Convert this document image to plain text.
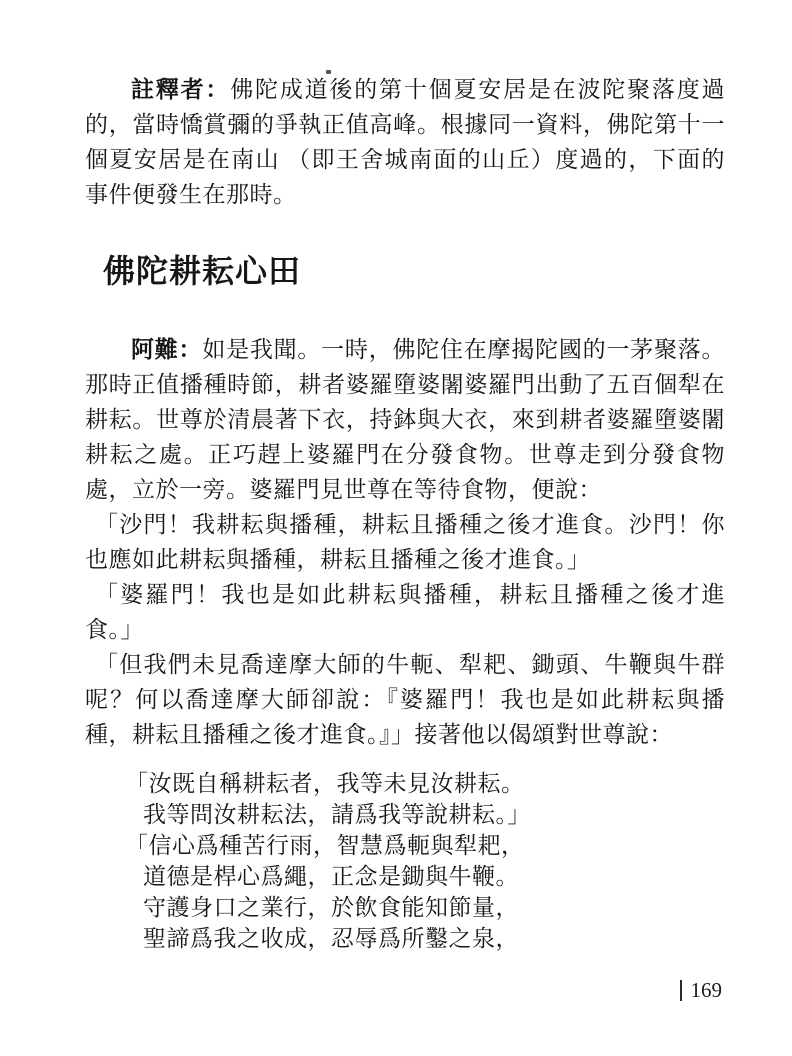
註釋者：佛陀成道後的第十個夏安居是在波陀聚落度過的，當時憍賞彌的爭執正值高峰。根據同一資料，佛陀第十一個夏安居是在南山 （即王舍城南面的山丘）度過的，下面的事件便發生在那時。

佛陀耕耘心田

阿難：如是我聞。一時，佛陀住在摩揭陀國的一茅聚落。那時正值播種時節，耕者婆羅墮婆闍婆羅門出動了五百個犁在耕耘。世尊於清晨著下衣，持鉢與大衣，來到耕者婆羅墮婆闍耕耘之處。正巧趕上婆羅門在分發食物。世尊走到分發食物處，立於一旁。婆羅門見世尊在等待食物，便說：

「沙門！我耕耘與播種，耕耘且播種之後才進食。沙門！你也應如此耕耘與播種，耕耘且播種之後才進食。」

「婆羅門！我也是如此耕耘與播種，耕耘且播種之後才進食。」

「但我們未見喬達摩大師的牛軛、犁耙、鋤頭、牛鞭與牛群呢？何以喬達摩大師卻說：『婆羅門！我也是如此耕耘與播種，耕耘且播種之後才進食。』」接著他以偈頌對世尊說：

「汝既自稱耕耘者，我等未見汝耕耘。
我等問汝耕耘法，請爲我等說耕耘。」
「信心爲種苦行雨，智慧爲軛與犁耙，
道德是桿心爲繩，正念是鋤與牛鞭。
守護身口之業行，於飲食能知節量，
聖諦爲我之收成，忍辱爲所鑿之泉，
169
